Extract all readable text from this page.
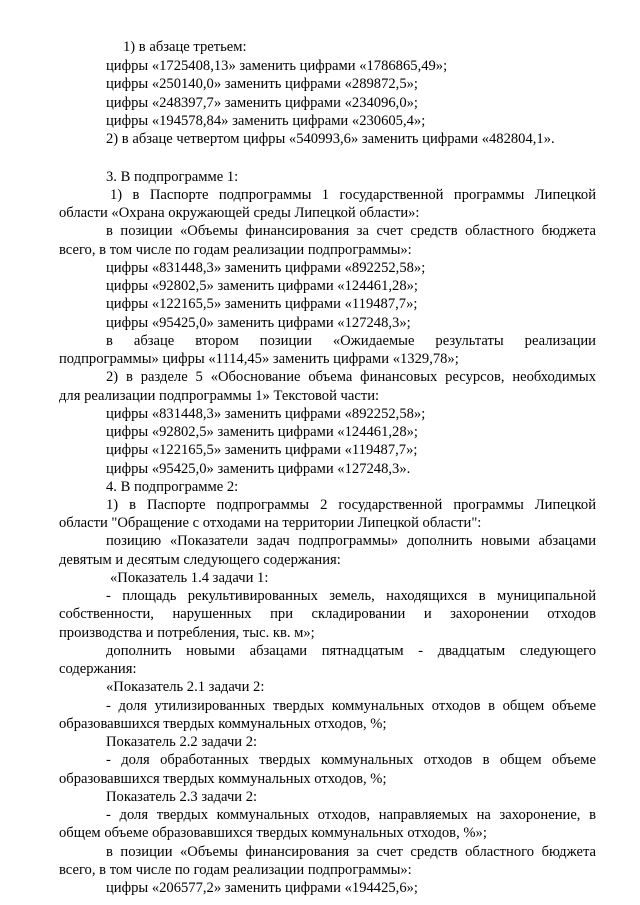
1) в абзаце третьем:
цифры «1725408,13» заменить цифрами «1786865,49»;
цифры «250140,0» заменить цифрами «289872,5»;
цифры «248397,7» заменить цифрами «234096,0»;
цифры «194578,84» заменить цифрами «230605,4»;
2) в абзаце четвертом цифры «540993,6» заменить цифрами «482804,1».
3. В подпрограмме 1:
1) в Паспорте подпрограммы 1 государственной программы Липецкой
области «Охрана окружающей среды Липецкой области»:
в позиции «Объемы финансирования за счет средств областного бюджета
всего, в том числе по годам реализации подпрограммы»:
цифры «831448,3» заменить цифрами «892252,58»;
цифры «92802,5» заменить цифрами «124461,28»;
цифры «122165,5» заменить цифрами «119487,7»;
цифры «95425,0» заменить цифрами «127248,3»;
в абзаце втором позиции «Ожидаемые результаты реализации
подпрограммы» цифры «1114,45» заменить цифрами «1329,78»;
2) в разделе 5 «Обоснование объема финансовых ресурсов, необходимых
для реализации подпрограммы 1» Текстовой части:
цифры «831448,3» заменить цифрами «892252,58»;
цифры «92802,5» заменить цифрами «124461,28»;
цифры «122165,5» заменить цифрами «119487,7»;
цифры «95425,0» заменить цифрами «127248,3».
4. В подпрограмме 2:
1) в Паспорте подпрограммы 2 государственной программы Липецкой
области "Обращение с отходами на территории Липецкой области":
позицию «Показатели задач подпрограммы» дополнить новыми абзацами
девятым и десятым следующего содержания:
«Показатель 1.4 задачи 1:
- площадь рекультивированных земель, находящихся в муниципальной
собственности, нарушенных при складировании и захоронении отходов
производства и потребления, тыс. кв. м»;
дополнить новыми абзацами пятнадцатым - двадцатым следующего
содержания:
«Показатель 2.1 задачи 2:
- доля утилизированных твердых коммунальных отходов в общем объеме
образовавшихся твердых коммунальных отходов, %;
Показатель 2.2 задачи 2:
- доля обработанных твердых коммунальных отходов в общем объеме
образовавшихся твердых коммунальных отходов, %;
Показатель 2.3 задачи 2:
- доля твердых коммунальных отходов, направляемых на захоронение, в
общем объеме образовавшихся твердых коммунальных отходов, %»;
в позиции «Объемы финансирования за счет средств областного бюджета
всего, в том числе по годам реализации подпрограммы»:
цифры «206577,2» заменить цифрами «194425,6»;
